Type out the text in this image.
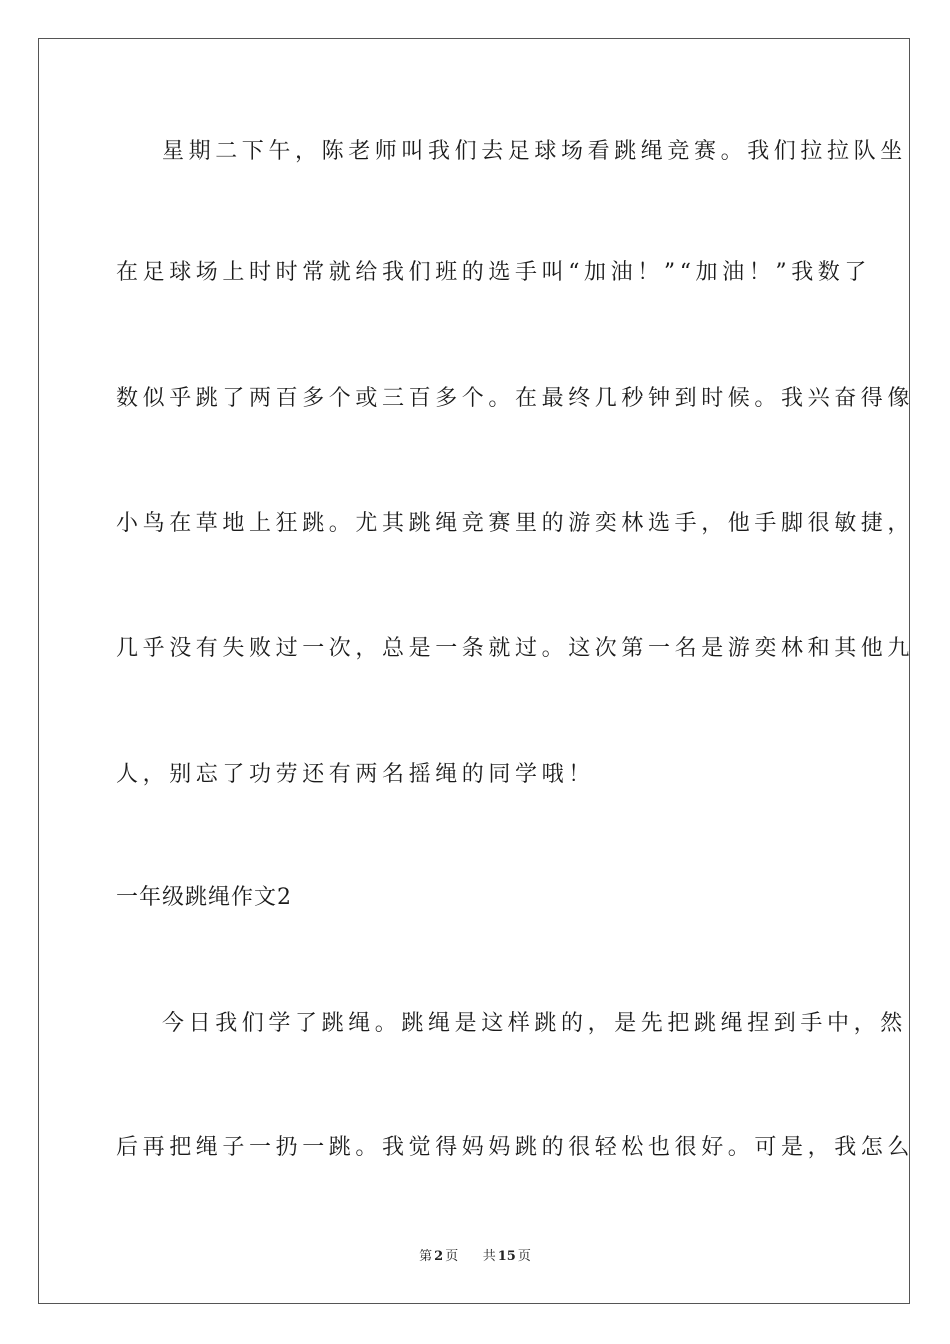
星期二下午，陈老师叫我们去足球场看跳绳竞赛。我们拉拉队坐
在足球场上时时常就给我们班的选手叫“加油！”“加油！”我数了
数似乎跳了两百多个或三百多个。在最终几秒钟到时候。我兴奋得像
小鸟在草地上狂跳。尤其跳绳竞赛里的游奕林选手，他手脚很敏捷，
几乎没有失败过一次，总是一条就过。这次第一名是游奕林和其他九
人，别忘了功劳还有两名摇绳的同学哦！
一年级跳绳作文2
今日我们学了跳绳。跳绳是这样跳的，是先把跳绳捏到手中，然
后再把绳子一扔一跳。我觉得妈妈跳的很轻松也很好。可是，我怎么
第 2 页 共 15 页
